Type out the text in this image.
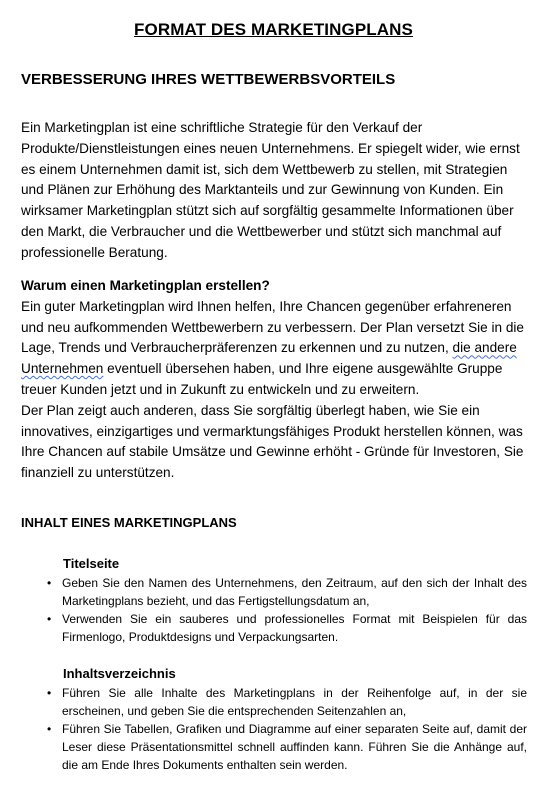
FORMAT DES MARKETINGPLANS
VERBESSERUNG IHRES WETTBEWERBSVORTEILS

Ein Marketingplan ist eine schriftliche Strategie für den Verkauf der Produkte/Dienstleistungen eines neuen Unternehmens. Er spiegelt wider, wie ernst es einem Unternehmen damit ist, sich dem Wettbewerb zu stellen, mit Strategien und Plänen zur Erhöhung des Marktanteils und zur Gewinnung von Kunden. Ein wirksamer Marketingplan stützt sich auf sorgfältig gesammelte Informationen über den Markt, die Verbraucher und die Wettbewerber und stützt sich manchmal auf professionelle Beratung.

Warum einen Marketingplan erstellen?

Ein guter Marketingplan wird Ihnen helfen, Ihre Chancen gegenüber erfahreneren und neu aufkommenden Wettbewerbern zu verbessern. Der Plan versetzt Sie in die Lage, Trends und Verbraucherpräferenzen zu erkennen und zu nutzen, die andere Unternehmen eventuell übersehen haben, und Ihre eigene ausgewählte Gruppe treuer Kunden jetzt und in Zukunft zu entwickeln und zu erweitern.

Der Plan zeigt auch anderen, dass Sie sorgfältig überlegt haben, wie Sie ein innovatives, einzigartiges und vermarktungsfähiges Produkt herstellen können, was Ihre Chancen auf stabile Umsätze und Gewinne erhöht - Gründe für Investoren, Sie finanziell zu unterstützen.

INHALT EINES MARKETINGPLANS
Titelseite
• Geben Sie den Namen des Unternehmens, den Zeitraum, auf den sich der Inhalt des Marketingplans bezieht, und das Fertigstellungsdatum an,
• Verwenden Sie ein sauberes und professionelles Format mit Beispielen für das Firmenlogo, Produktdesigns und Verpackungsarten.
Inhaltsverzeichnis
• Führen Sie alle Inhalte des Marketingplans in der Reihenfolge auf, in der sie erscheinen, und geben Sie die entsprechenden Seitenzahlen an,
• Führen Sie Tabellen, Grafiken und Diagramme auf einer separaten Seite auf, damit der Leser diese Präsentationsmittel schnell auffinden kann. Führen Sie die Anhänge auf, die am Ende Ihres Dokuments enthalten sein werden.
